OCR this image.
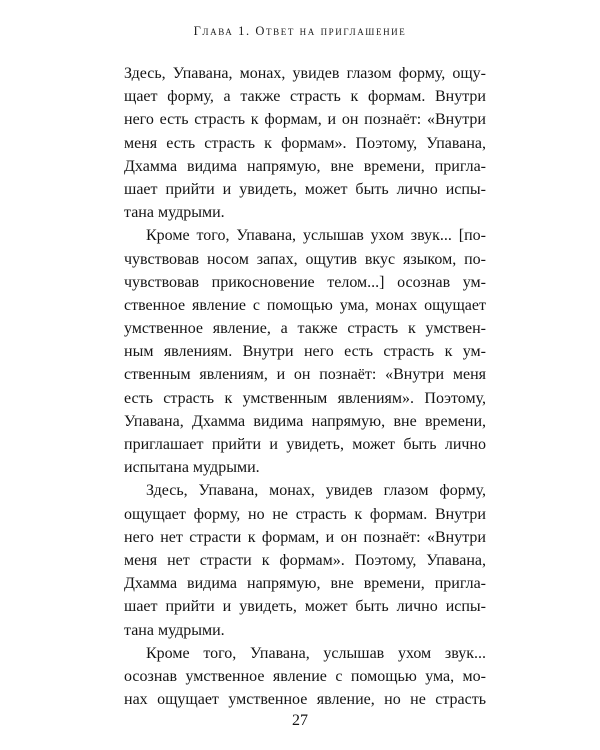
Глава 1. Ответ на приглашение

Здесь, Упавана, монах, увидев глазом форму, ощу-
щает форму, а также страсть к формам. Внутри
него есть страсть к формам, и он познаёт: «Внутри
меня есть страсть к формам». Поэтому, Упавана,
Дхамма видима напрямую, вне времени, пригла-
шает прийти и увидеть, может быть лично испы-
тана мудрыми.

Кроме того, Упавана, услышав ухом звук... [по-
чувствовав носом запах, ощутив вкус языком, по-
чувствовав прикосновение телом...] осознав ум-
ственное явление с помощью ума, монах ощущает
умственное явление, а также страсть к умствен-
ным явлениям. Внутри него есть страсть к ум-
ственным явлениям, и он познаёт: «Внутри меня
есть страсть к умственным явлениям». Поэтому,
Упавана, Дхамма видима напрямую, вне времени,
приглашает прийти и увидеть, может быть лично
испытана мудрыми.

Здесь, Упавана, монах, увидев глазом форму,
ощущает форму, но не страсть к формам. Внутри
него нет страсти к формам, и он познаёт: «Внутри
меня нет страсти к формам». Поэтому, Упавана,
Дхамма видима напрямую, вне времени, пригла-
шает прийти и увидеть, может быть лично испы-
тана мудрыми.

Кроме того, Упавана, услышав ухом звук...
осознав умственное явление с помощью ума, мо-
нах ощущает умственное явление, но не страсть

27
